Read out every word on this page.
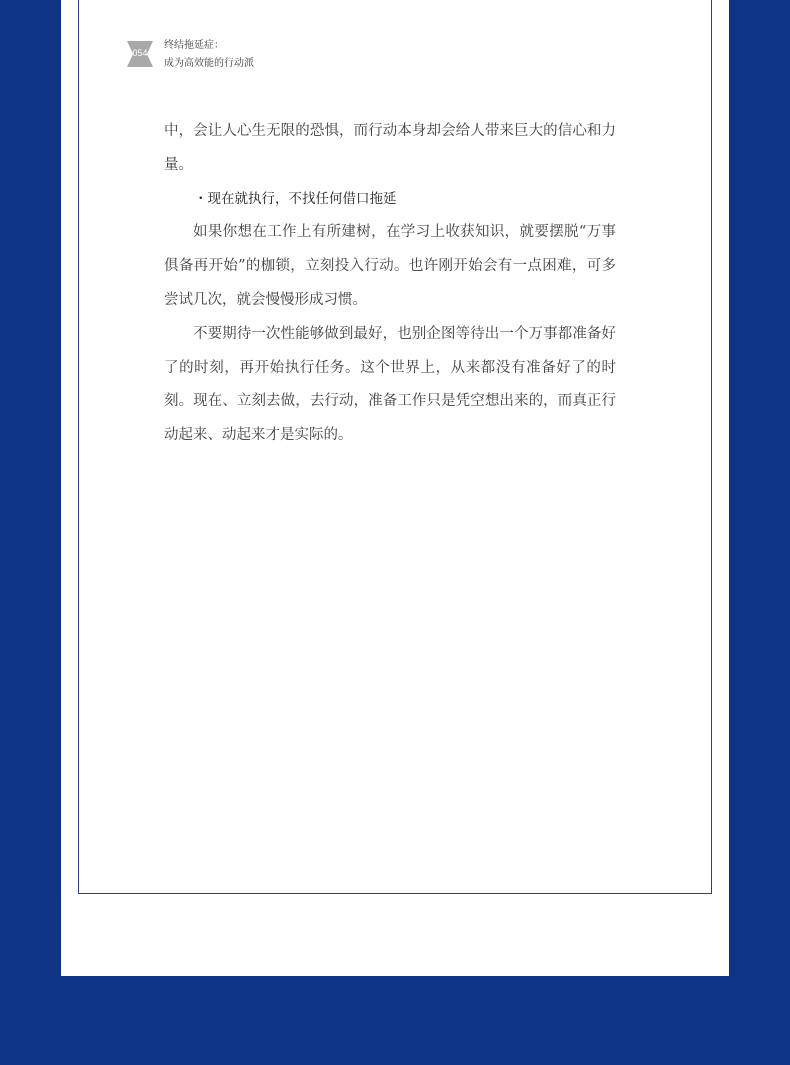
054
终结拖延症：
成为高效能的行动派

中，会让人心生无限的恐惧，而行动本身却会给人带来巨大的信心和力量。

・现在就执行，不找任何借口拖延

如果你想在工作上有所建树，在学习上收获知识，就要摆脱“万事俱备再开始”的枷锁，立刻投入行动。也许刚开始会有一点困难，可多尝试几次，就会慢慢形成习惯。

不要期待一次性能够做到最好，也别企图等待出一个万事都准备好了的时刻，再开始执行任务。这个世界上，从来都没有准备好了的时刻。现在、立刻去做，去行动，准备工作只是凭空想出来的，而真正行动起来、动起来才是实际的。
